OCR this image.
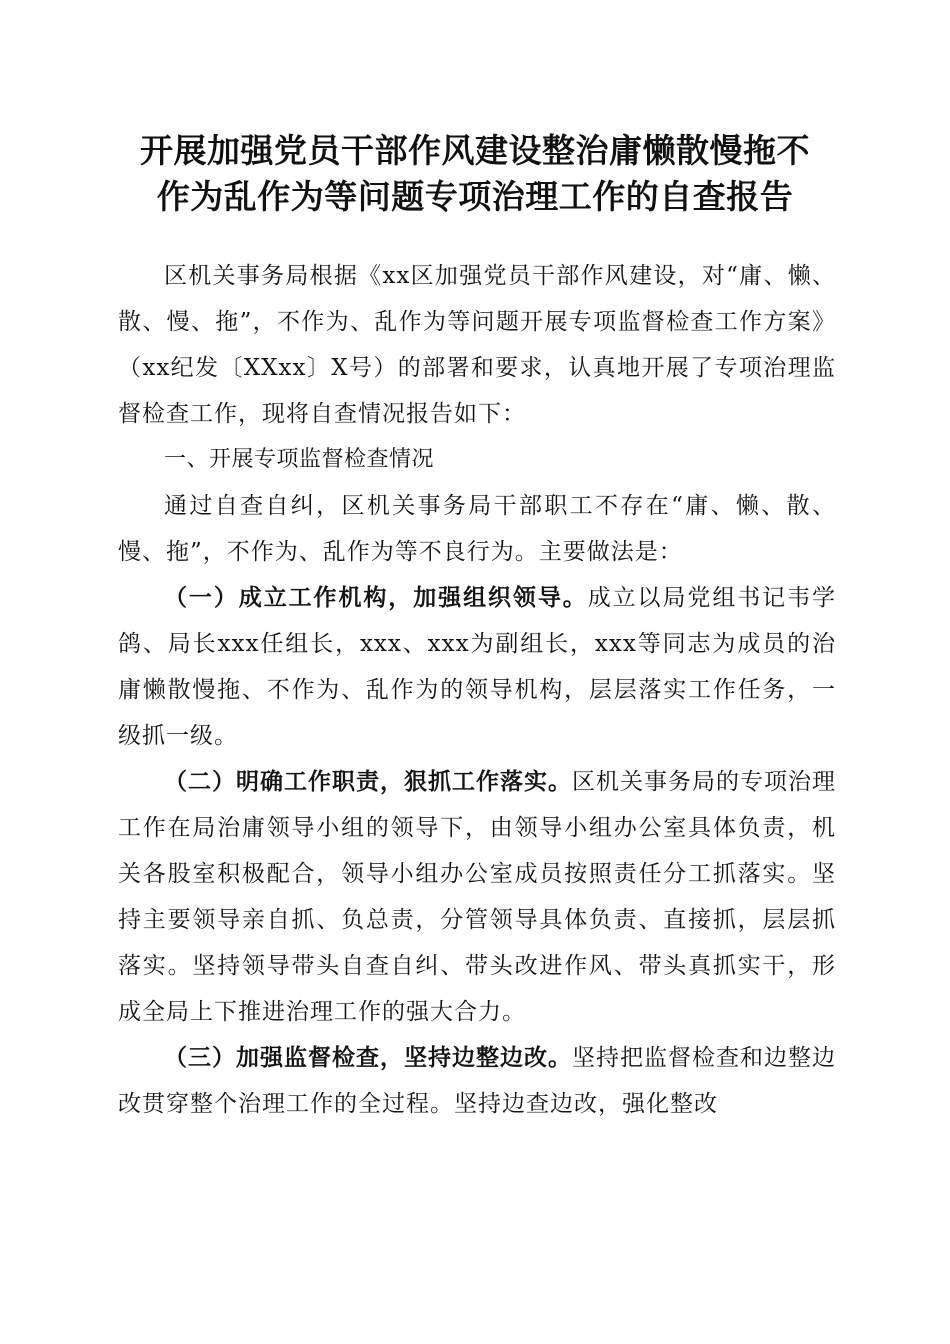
开展加强党员干部作风建设整治庸懒散慢拖不
作为乱作为等问题专项治理工作的自查报告

区机关事务局根据《xx区加强党员干部作风建设，对“庸、懒、散、慢、拖”，不作为、乱作为等问题开展专项监督检查工作方案》（xx纪发〔XXxx〕X号）的部署和要求，认真地开展了专项治理监督检查工作，现将自查情况报告如下：

一、开展专项监督检查情况

通过自查自纠，区机关事务局干部职工不存在“庸、懒、散、慢、拖”，不作为、乱作为等不良行为。主要做法是：

（一）成立工作机构，加强组织领导。成立以局党组书记韦学鸽、局长xxx任组长，xxx、xxx为副组长，xxx等同志为成员的治庸懒散慢拖、不作为、乱作为的领导机构，层层落实工作任务，一级抓一级。

（二）明确工作职责，狠抓工作落实。区机关事务局的专项治理工作在局治庸领导小组的领导下，由领导小组办公室具体负责，机关各股室积极配合，领导小组办公室成员按照责任分工抓落实。坚持主要领导亲自抓、负总责，分管领导具体负责、直接抓，层层抓落实。坚持领导带头自查自纠、带头改进作风、带头真抓实干，形成全局上下推进治理工作的强大合力。

（三）加强监督检查，坚持边整边改。坚持把监督检查和边整边改贯穿整个治理工作的全过程。坚持边查边改，强化整改
